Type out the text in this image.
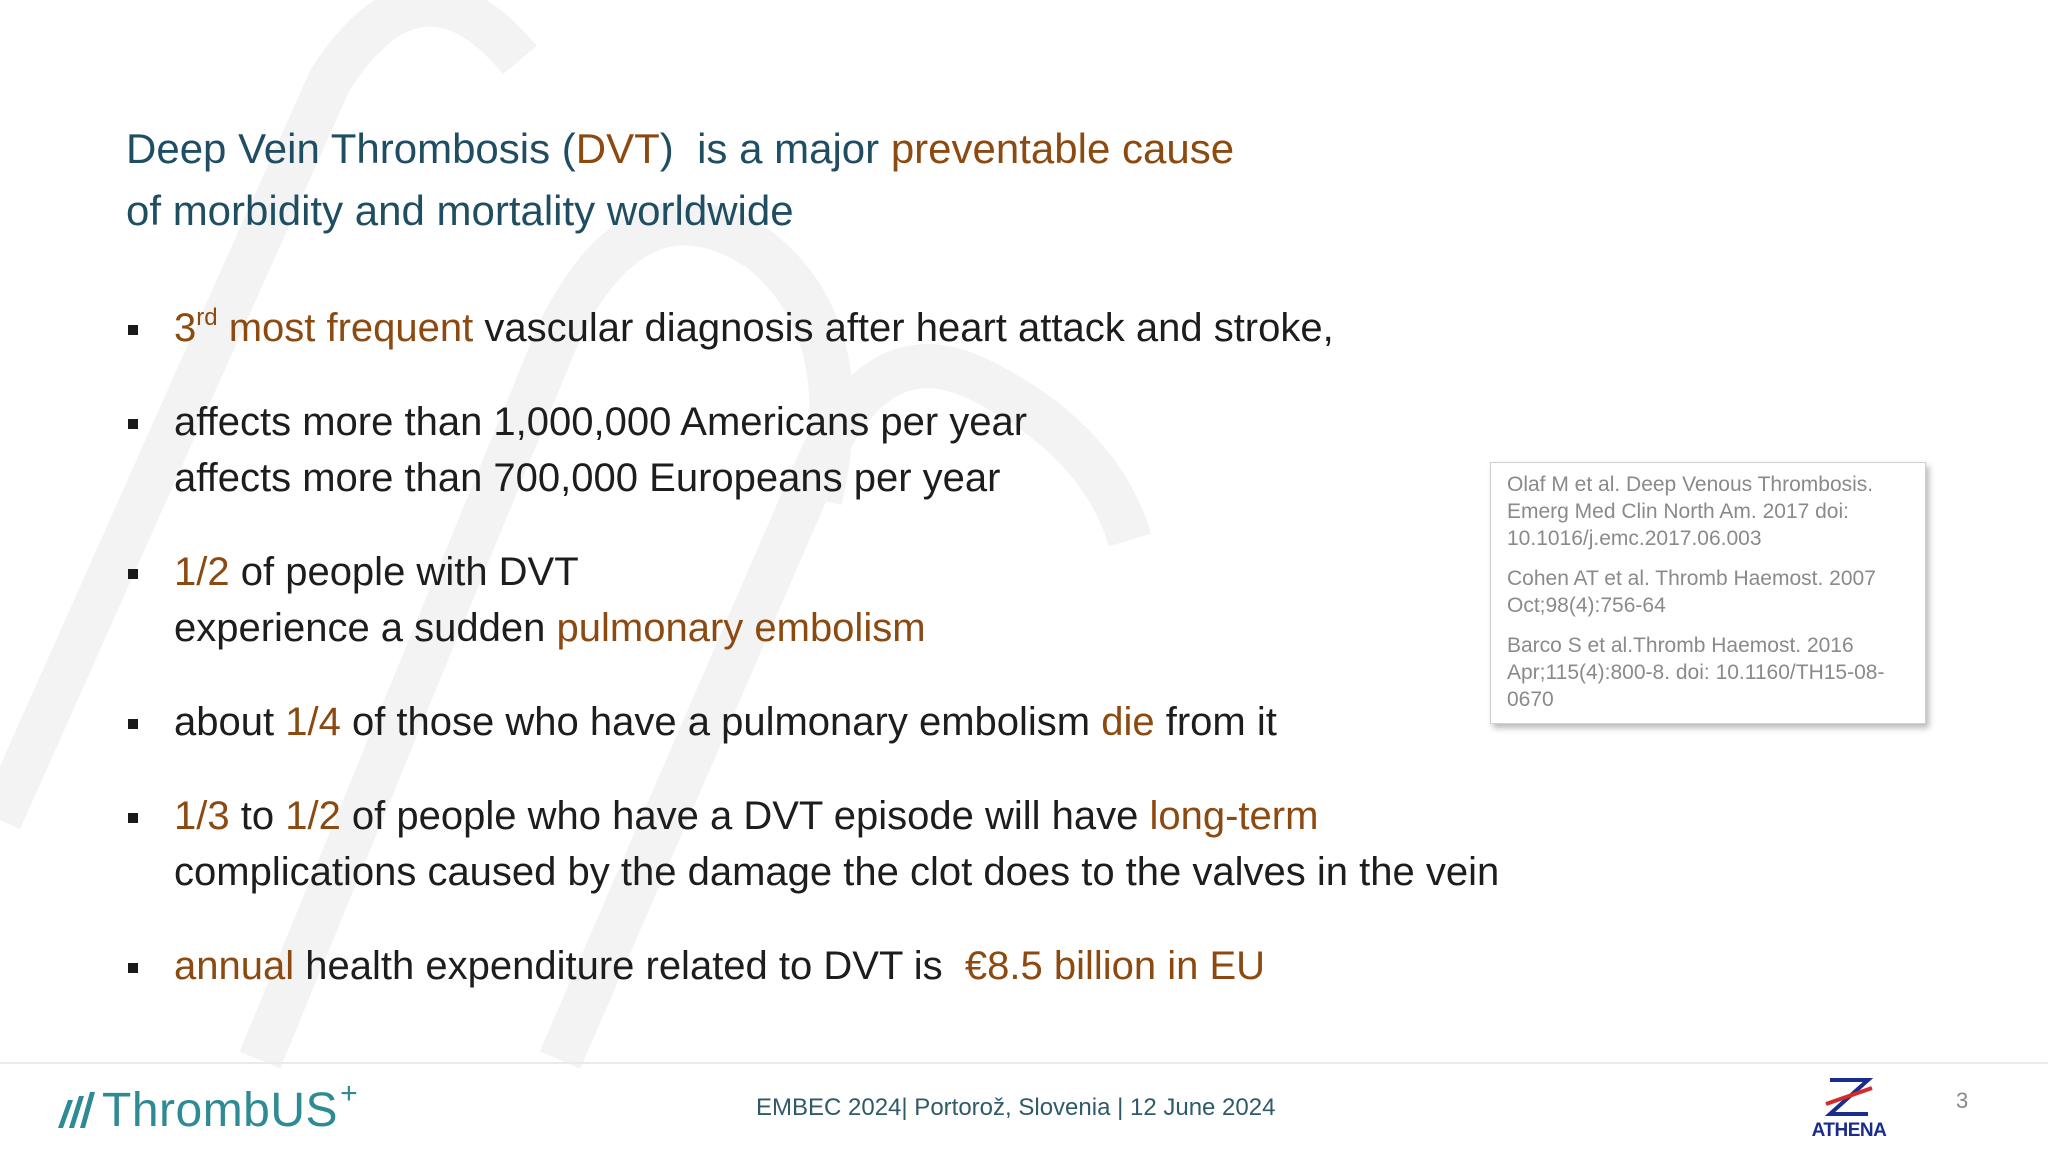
Deep Vein Thrombosis (DVT)  is a major preventable cause
of morbidity and mortality worldwide
3rd most frequent vascular diagnosis after heart attack and stroke,
affects more than 1,000,000 Americans per year
affects more than 700,000 Europeans per year
1/2 of people with DVT
experience a sudden pulmonary embolism
about 1/4 of those who have a pulmonary embolism die from it
1/3 to 1/2 of people who have a DVT episode will have long-term
complications caused by the damage the clot does to the valves in the vein
annual health expenditure related to DVT is  €8.5 billion in EU

Olaf M et al. Deep Venous Thrombosis. Emerg Med Clin North Am. 2017 doi: 10.1016/j.emc.2017.06.003

Cohen AT et al. Thromb Haemost. 2007 Oct;98(4):756-64

Barco S et al.Thromb Haemost. 2016 Apr;115(4):800-8. doi: 10.1160/TH15-08-0670

ThrombUS +	EMBEC 2024| Portorož, Slovenia | 12 June 2024
ATHENA
3
